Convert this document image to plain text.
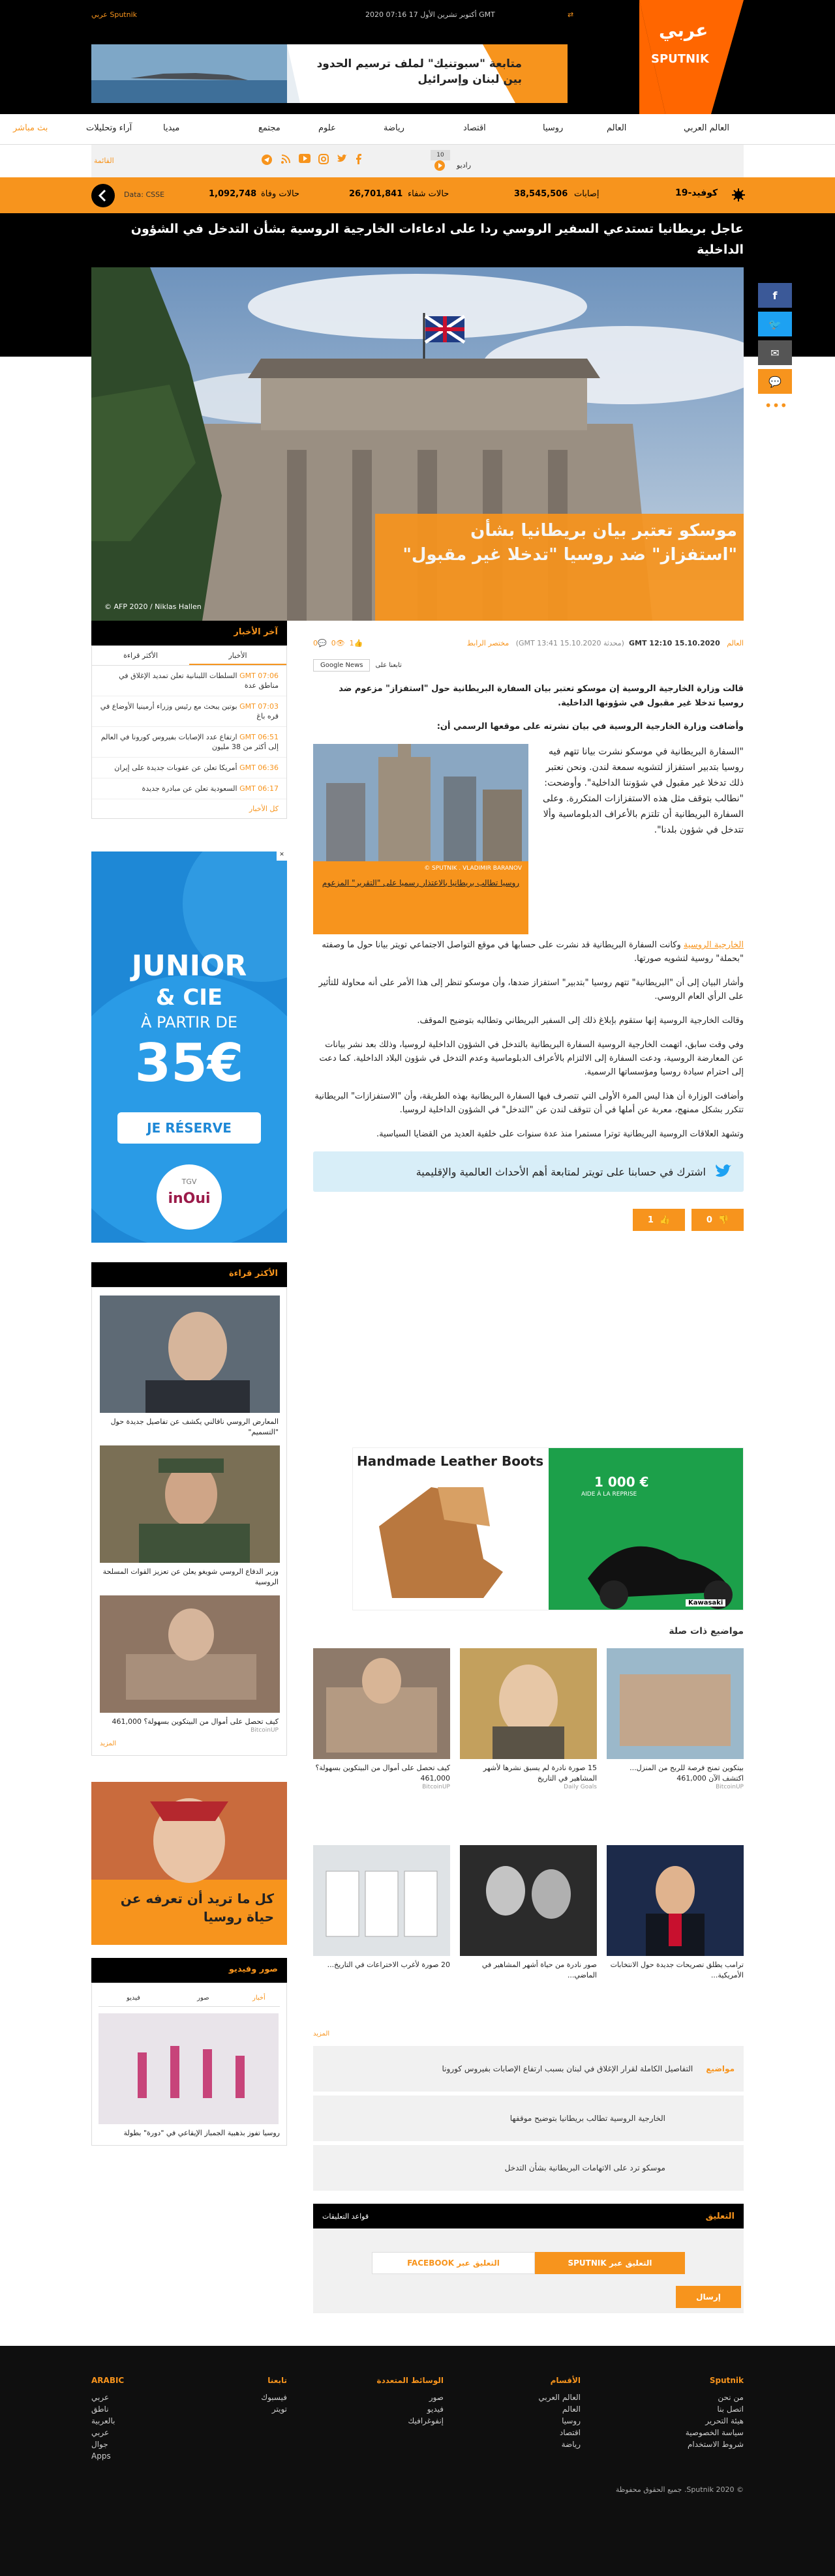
عربي Sputnik	2020 أكتوبر تشرين الأول 17 07:16 GMT	⇄
متابعة "سبوتنيك" لملف ترسيم الحدود بين لبنان وإسرائيل
عربي
SPUTNIK
العالم العربي
العالم
روسيا
اقتصاد
رياضة
علوم
مجتمع
ميديا
آراء وتحليلات
بث مباشر
القائمة
10
راديو
Data: CSSE	1,092,748 حالات وفاة	26,701,841 حالات شفاء	38,545,506 إصابات	19-كوفيد
عاجل بريطانيا تستدعي السفير الروسي ردا على ادعاءات الخارجية الروسية بشأن التدخل في الشؤون الداخلية
موسكو تعتبر بيان بريطانيا بشأن "استفزاز" ضد روسيا "تدخلا غير مقبول"
© AFP 2020 / Niklas Hallen
f
🐦
✉
💬
•••
آخر الأخبار
الأكثر قراءة	الأخبار
07:06 GMT السلطات اللبنانية تعلن تمديد الإغلاق في مناطق عدة
07:03 GMT بوتين يبحث مع رئيس وزراء أرمينيا الأوضاع في قره باغ
06:51 GMT ارتفاع عدد الإصابات بفيروس كورونا في العالم إلى أكثر من 38 مليون
06:36 GMT أمريكا تعلن عن عقوبات جديدة على إيران
06:17 GMT السعودية تعلن عن مبادرة جديدة
كل الأخبار
JUNIOR
& CIE
À PARTIR DE
35€
JE RÉSERVE
TGV
inOui
✕
الأكثر قراءة
المعارض الروسي نافالني يكشف عن تفاصيل جديدة حول "التسميم"
وزير الدفاع الروسي شويغو يعلن عن تعزيز القوات المسلحة الروسية
كيف تحصل على أموال من البيتكوين بسهولة؟ 461,000
BitcoinUP
المزيد
كل ما تريد أن تعرفه عن حياة روسيا
صور وفيديو
فيديو	صور	أخبار
روسيا تفوز بذهبية الجمباز الإيقاعي في "دورة" بطولة
العالم   15.10.2020 12:10 GMT  (محدثة 15.10.2020 13:41 GMT)   مختصر الرابط
👍1  👁0  💬0
تابعنا على
Google News

قالت وزارة الخارجية الروسية إن موسكو تعتبر بيان السفارة البريطانية حول "استفزاز" مزعوم ضد روسيا تدخلا غير مقبول في شؤونها الداخلية.

وأضافت وزارة الخارجية الروسية في بيان نشرته على موقعها الرسمي أن:

"السفارة البريطانية في موسكو نشرت بيانا تتهم فيه روسيا بتدبير استفزاز لتشويه سمعة لندن. ونحن نعتبر ذلك تدخلا غير مقبول في شؤوننا الداخلية". وأوضحت: "نطالب بتوقف مثل هذه الاستفزازات المتكررة. وعلى السفارة البريطانية أن تلتزم بالأعراف الدبلوماسية وألا تتدخل في شؤون بلدنا".

© SPUTNIK . VLADIMIR BARANOV
روسيا تطالب بريطانيا بالاعتذار رسميا على "التقرير" المزعوم

الخارجية الروسية وكانت السفارة البريطانية قد نشرت على حسابها في موقع التواصل الاجتماعي تويتر بيانا حول ما وصفته "بحملة" روسية لتشويه صورتها.

وأشار البيان إلى أن "البريطانية" تتهم روسيا "بتدبير" استفزاز ضدها، وأن موسكو تنظر إلى هذا الأمر على أنه محاولة للتأثير على الرأي العام الروسي.

وقالت الخارجية الروسية إنها ستقوم بإبلاغ ذلك إلى السفير البريطاني وتطالبه بتوضيح الموقف.

وفي وقت سابق، اتهمت الخارجية الروسية السفارة البريطانية بالتدخل في الشؤون الداخلية لروسيا، وذلك بعد نشر بيانات عن المعارضة الروسية، ودعت السفارة إلى الالتزام بالأعراف الدبلوماسية وعدم التدخل في شؤون البلاد الداخلية. كما دعت إلى احترام سيادة روسيا ومؤسساتها الرسمية.

وأضافت الوزارة أن هذا ليس المرة الأولى التي تتصرف فيها السفارة البريطانية بهذه الطريقة، وأن "الاستفزازات" البريطانية تتكرر بشكل ممنهج، معربة عن أملها في أن تتوقف لندن عن "التدخل" في الشؤون الداخلية لروسيا.

وتشهد العلاقات الروسية البريطانية توترا مستمرا منذ عدة سنوات على خلفية العديد من القضايا السياسية.

اشترك في حسابنا على تويتر لمتابعة أهم الأحداث العالمية والإقليمية
1  👍	0  👎
Handmade Leather Boots
1 000 €
AIDE À LA REPRISE
Kawasaki
مواضيع ذات صلة
بيتكوين تمنح فرصة للربح من المنزل... اكتشف الآن 461,000
BitcoinUP
15 صورة نادرة لم يسبق نشرها لأشهر المشاهير في التاريخ
Daily Goals
كيف تحصل على أموال من البيتكوين بسهولة؟ 461,000
BitcoinUP
ترامب يطلق تصريحات جديدة حول الانتخابات الأمريكية...
صور نادرة من حياة أشهر المشاهير في الماضي...
20 صورة لأغرب الاختراعات في التاريخ...
المزيد
مواضيع
التفاصيل الكاملة لقرار الإغلاق في لبنان بسبب ارتفاع الإصابات بفيروس كورونا
الخارجية الروسية تطالب بريطانيا بتوضيح موقفها
موسكو ترد على الاتهامات البريطانية بشأن التدخل
قواعد التعليقات	التعليق
FACEBOOK التعليق عبر	SPUTNIK التعليق عبر
إرسال
Sputnik
من نحن
اتصل بنا
هيئة التحرير
سياسة الخصوصية
شروط الاستخدام
الأقسام
العالم العربي
العالم
روسيا
اقتصاد
رياضة
الوسائط المتعددة
صور
فيديو
إنفوغرافيك
تابعنا
فيسبوك
تويتر
ARABIC
عربي
ناطق
بالعربية
عربي
جوال
Apps
© 2020 Sputnik. جميع الحقوق محفوظة
